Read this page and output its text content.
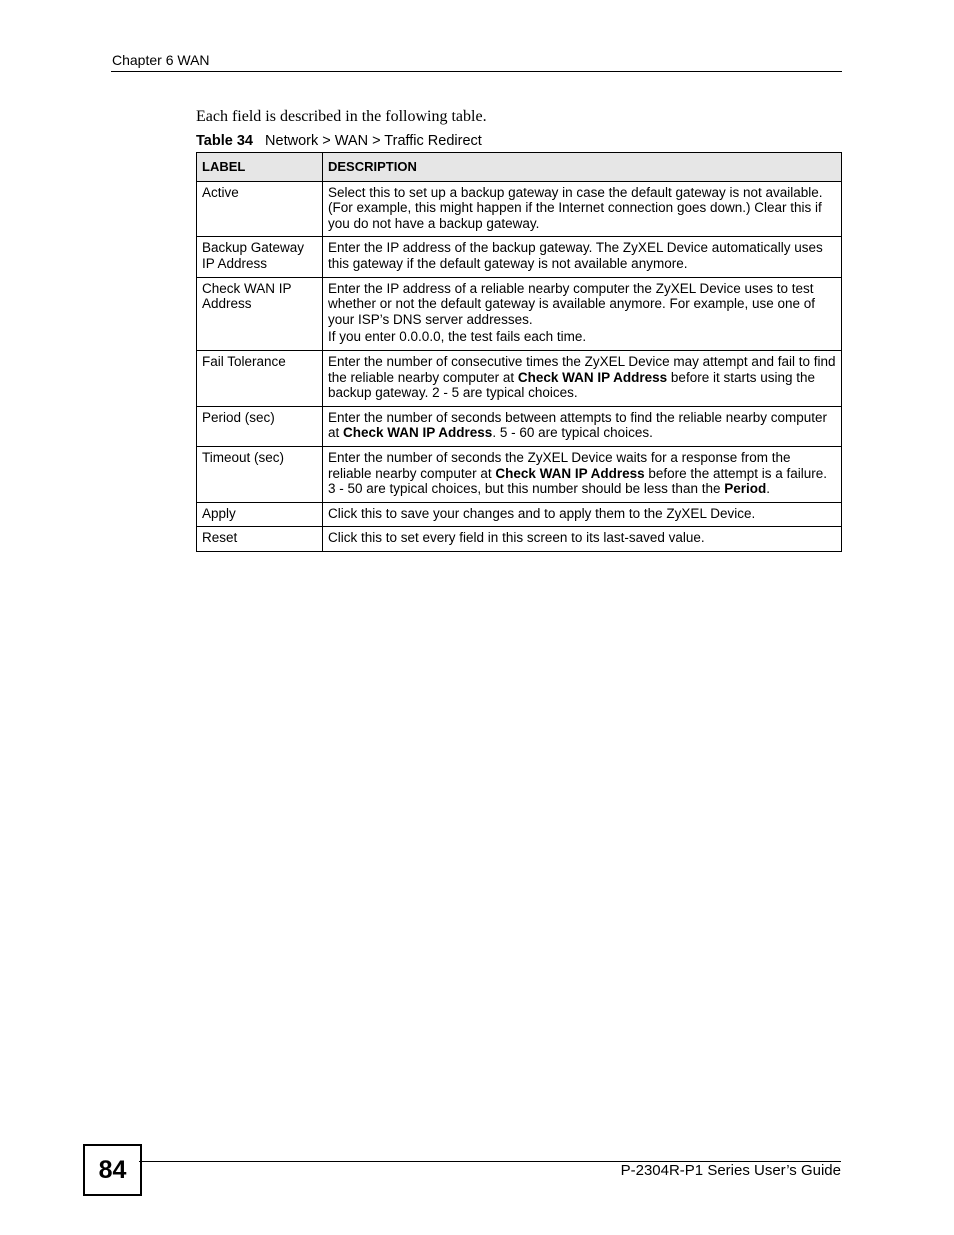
Chapter 6 WAN
Each field is described in the following table.
Table 34 Network > WAN > Traffic Redirect
LABEL	DESCRIPTION
Active	Select this to set up a backup gateway in case the default gateway is not available. (For example, this might happen if the Internet connection goes down.) Clear this if you do not have a backup gateway.

Backup Gateway IP Address	Enter the IP address of the backup gateway. The ZyXEL Device automatically uses this gateway if the default gateway is not available anymore.

Check WAN IP Address	Enter the IP address of a reliable nearby computer the ZyXEL Device uses to test whether or not the default gateway is available anymore. For example, use one of your ISP’s DNS server addresses.

If you enter 0.0.0.0, the test fails each time.

Fail Tolerance	Enter the number of consecutive times the ZyXEL Device may attempt and fail to find the reliable nearby computer at Check WAN IP Address before it starts using the backup gateway. 2 - 5 are typical choices.

Period (sec)	Enter the number of seconds between attempts to find the reliable nearby computer at Check WAN IP Address. 5 - 60 are typical choices.

Timeout (sec)	Enter the number of seconds the ZyXEL Device waits for a response from the reliable nearby computer at Check WAN IP Address before the attempt is a failure. 3 - 50 are typical choices, but this number should be less than the Period.

Apply	Click this to save your changes and to apply them to the ZyXEL Device.

Reset	Click this to set every field in this screen to its last-saved value.

84	P-2304R-P1 Series User’s Guide
